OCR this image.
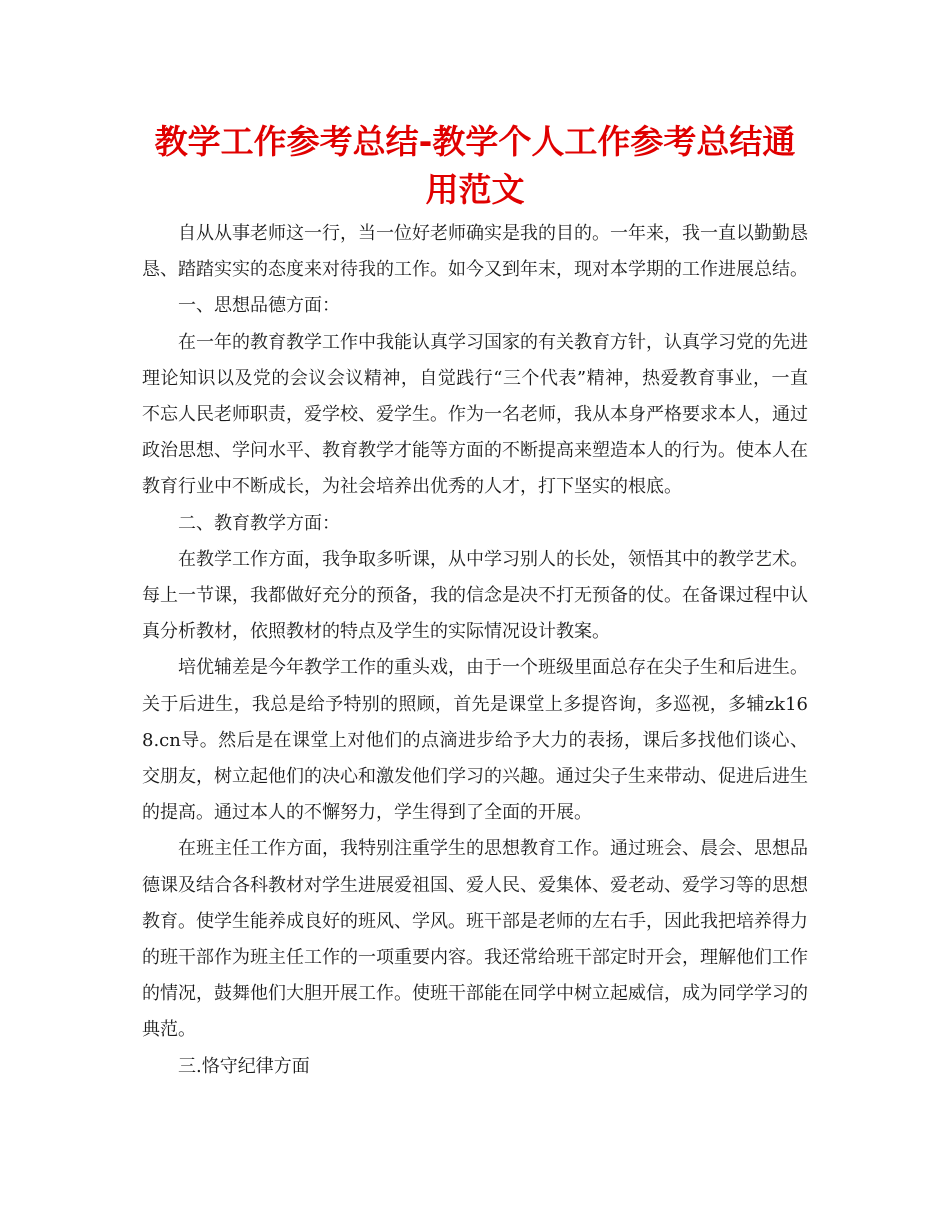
教学工作参考总结-教学个人工作参考总结通用范文

自从从事老师这一行，当一位好老师确实是我的目的。一年来，我一直以勤勤恳恳、踏踏实实的态度来对待我的工作。如今又到年末，现对本学期的工作进展总结。

一、思想品德方面：

在一年的教育教学工作中我能认真学习国家的有关教育方针，认真学习党的先进理论知识以及党的会议会议精神，自觉践行“三个代表”精神，热爱教育事业，一直不忘人民老师职责，爱学校、爱学生。作为一名老师，我从本身严格要求本人，通过政治思想、学问水平、教育教学才能等方面的不断提高来塑造本人的行为。使本人在教育行业中不断成长，为社会培养出优秀的人才，打下坚实的根底。

二、教育教学方面：

在教学工作方面，我争取多听课，从中学习别人的长处，领悟其中的教学艺术。每上一节课，我都做好充分的预备，我的信念是决不打无预备的仗。在备课过程中认真分析教材，依照教材的特点及学生的实际情况设计教案。

培优辅差是今年教学工作的重头戏，由于一个班级里面总存在尖子生和后进生。关于后进生，我总是给予特别的照顾，首先是课堂上多提咨询，多巡视，多辅zk168.cn导。然后是在课堂上对他们的点滴进步给予大力的表扬，课后多找他们谈心、交朋友，树立起他们的决心和激发他们学习的兴趣。通过尖子生来带动、促进后进生的提高。通过本人的不懈努力，学生得到了全面的开展。

在班主任工作方面，我特别注重学生的思想教育工作。通过班会、晨会、思想品德课及结合各科教材对学生进展爱祖国、爱人民、爱集体、爱老动、爱学习等的思想教育。使学生能养成良好的班风、学风。班干部是老师的左右手，因此我把培养得力的班干部作为班主任工作的一项重要内容。我还常给班干部定时开会，理解他们工作的情况，鼓舞他们大胆开展工作。使班干部能在同学中树立起威信，成为同学学习的典范。

三.恪守纪律方面
